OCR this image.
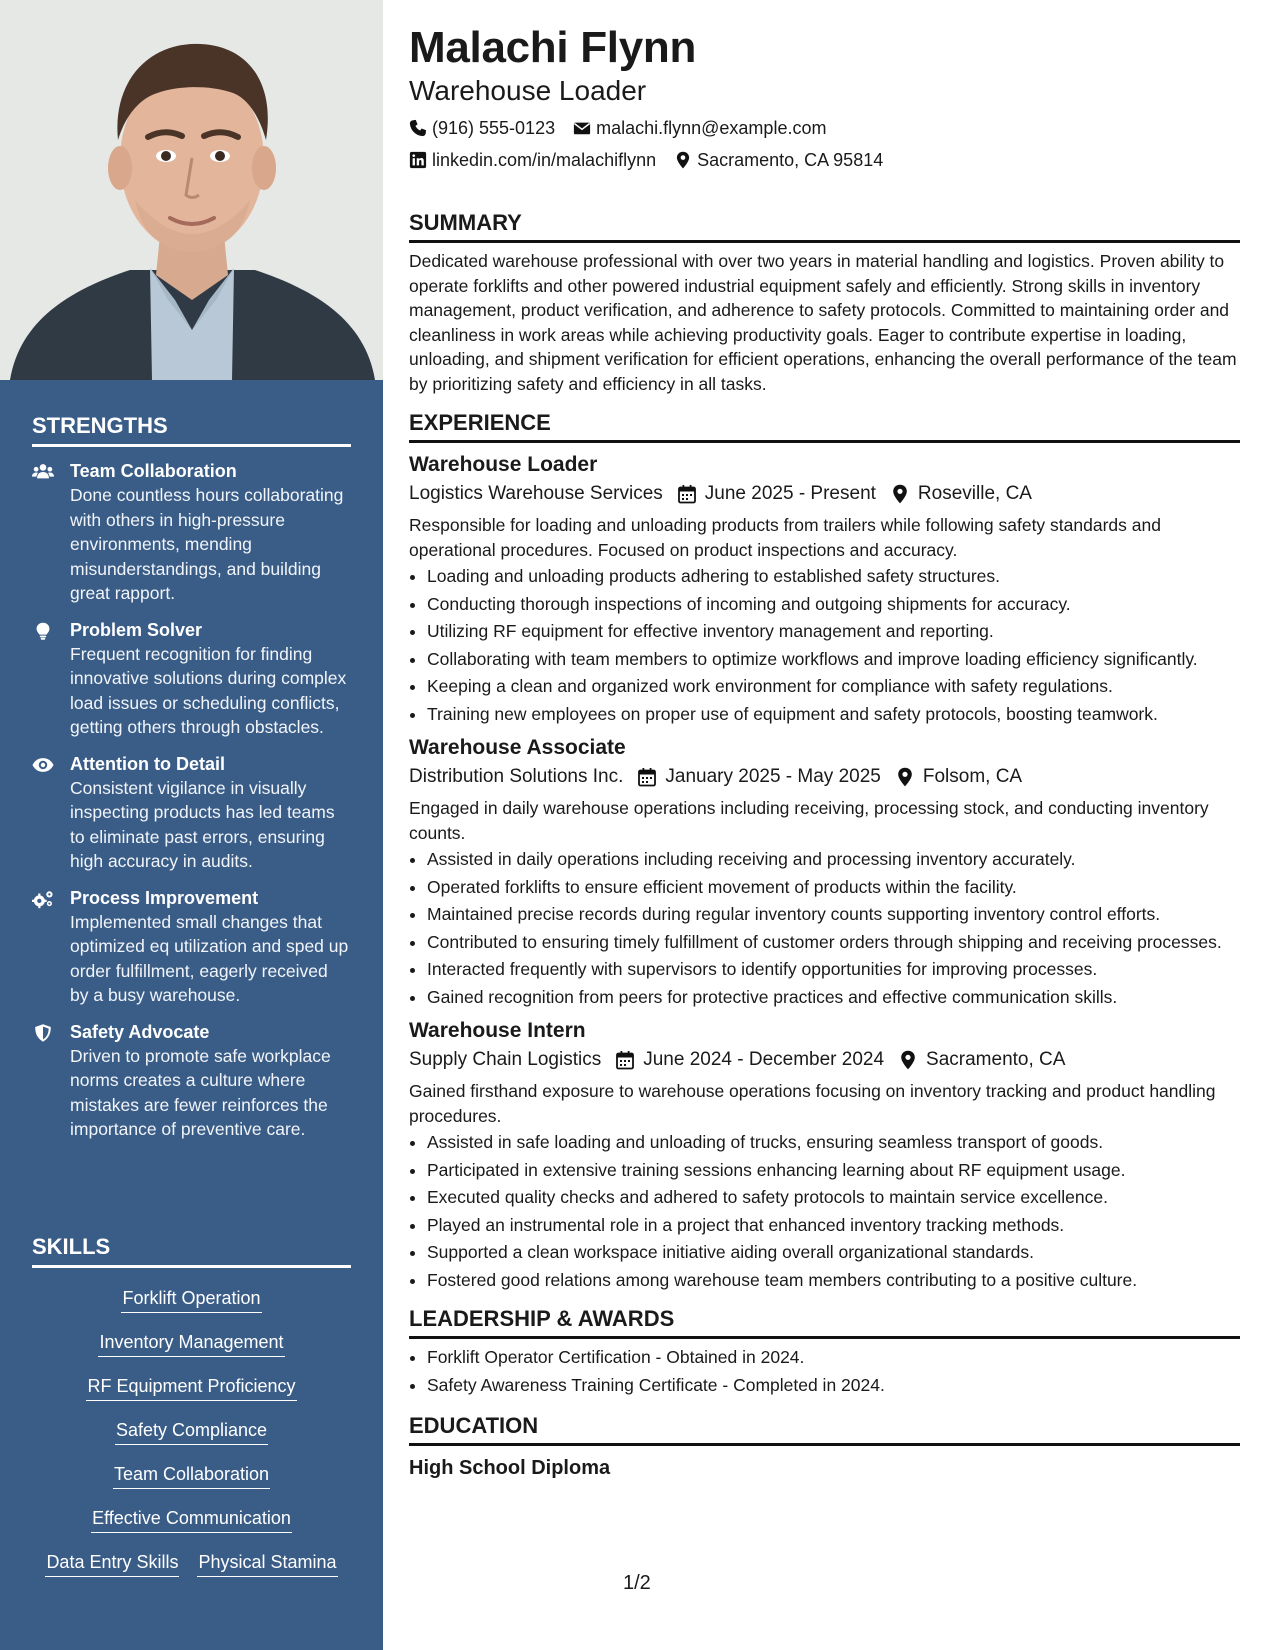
STRENGTHS
Team Collaboration
Done countless hours collaborating with others in high-pressure environments, mending misunderstandings, and building great rapport.
Problem Solver
Frequent recognition for finding innovative solutions during complex load issues or scheduling conflicts, getting others through obstacles.
Attention to Detail
Consistent vigilance in visually inspecting products has led teams to eliminate past errors, ensuring high accuracy in audits.
Process Improvement
Implemented small changes that optimized eq utilization and sped up order fulfillment, eagerly received by a busy warehouse.
Safety Advocate
Driven to promote safe workplace norms creates a culture where mistakes are fewer reinforces the importance of preventive care.
SKILLS
Forklift Operation
Inventory Management
RF Equipment Proficiency
Safety Compliance
Team Collaboration
Effective Communication
Data Entry Skills Physical Stamina
Malachi Flynn
Warehouse Loader
(916) 555-0123 malachi.flynn@example.com
linkedin.com/in/malachiflynn Sacramento, CA 95814
SUMMARY

Dedicated warehouse professional with over two years in material handling and logistics. Proven ability to operate forklifts and other powered industrial equipment safely and efficiently. Strong skills in inventory management, product verification, and adherence to safety protocols. Committed to maintaining order and cleanliness in work areas while achieving productivity goals. Eager to contribute expertise in loading, unloading, and shipment verification for efficient operations, enhancing the overall performance of the team by prioritizing safety and efficiency in all tasks.

EXPERIENCE
Warehouse Loader
Logistics Warehouse Services June 2025 - Present Roseville, CA

Responsible for loading and unloading products from trailers while following safety standards and operational procedures. Focused on product inspections and accuracy.

• Loading and unloading products adhering to established safety structures.
• Conducting thorough inspections of incoming and outgoing shipments for accuracy.
• Utilizing RF equipment for effective inventory management and reporting.
• Collaborating with team members to optimize workflows and improve loading efficiency significantly.
• Keeping a clean and organized work environment for compliance with safety regulations.
• Training new employees on proper use of equipment and safety protocols, boosting teamwork.
Warehouse Associate
Distribution Solutions Inc. January 2025 - May 2025 Folsom, CA

Engaged in daily warehouse operations including receiving, processing stock, and conducting inventory counts.

• Assisted in daily operations including receiving and processing inventory accurately.
• Operated forklifts to ensure efficient movement of products within the facility.
• Maintained precise records during regular inventory counts supporting inventory control efforts.
• Contributed to ensuring timely fulfillment of customer orders through shipping and receiving processes.
• Interacted frequently with supervisors to identify opportunities for improving processes.
• Gained recognition from peers for protective practices and effective communication skills.
Warehouse Intern
Supply Chain Logistics June 2024 - December 2024 Sacramento, CA

Gained firsthand exposure to warehouse operations focusing on inventory tracking and product handling procedures.

• Assisted in safe loading and unloading of trucks, ensuring seamless transport of goods.
• Participated in extensive training sessions enhancing learning about RF equipment usage.
• Executed quality checks and adhered to safety protocols to maintain service excellence.
• Played an instrumental role in a project that enhanced inventory tracking methods.
• Supported a clean workspace initiative aiding overall organizational standards.
• Fostered good relations among warehouse team members contributing to a positive culture.
LEADERSHIP & AWARDS
• Forklift Operator Certification - Obtained in 2024.
• Safety Awareness Training Certificate - Completed in 2024.
EDUCATION
High School Diploma
1/2
